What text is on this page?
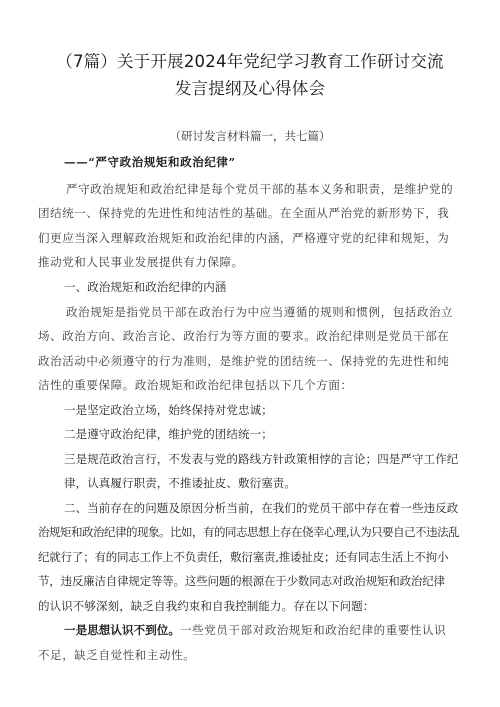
（7篇）关于开展2024年党纪学习教育工作研讨交流
发言提纲及心得体会
（研讨发言材料篇一，共七篇）
——“严守政治规矩和政治纪律”
严守政治规矩和政治纪律是每个党员干部的基本义务和职责，是维护党的
团结统一、保持党的先进性和纯洁性的基础。在全面从严治党的新形势下，我
们更应当深入理解政治规矩和政治纪律的内涵，严格遵守党的纪律和规矩，为
推动党和人民事业发展提供有力保障。
一、政治规矩和政治纪律的内涵
政治规矩是指党员干部在政治行为中应当遵循的规则和惯例，包括政治立
场、政治方向、政治言论、政治行为等方面的要求。政治纪律则是党员干部在
政治活动中必须遵守的行为准则，是维护党的团结统一、保持党的先进性和纯
洁性的重要保障。政治规矩和政治纪律包括以下几个方面：
一是坚定政治立场，始终保持对党忠诚；
二是遵守政治纪律，维护党的团结统一；
三是规范政治言行，不发表与党的路线方针政策相悖的言论；四是严守工作纪
律，认真履行职责，不推诿扯皮、敷衍塞责。
二、当前存在的问题及原因分析当前，在我们的党员干部中存在着一些违反政
治规矩和政治纪律的现象。比如，有的同志思想上存在侥幸心理,认为只要自己不违法乱
纪就行了；有的同志工作上不负责任，敷衍塞责,推诿扯皮；还有同志生活上不拘小
节，违反廉洁自律规定等等。这些问题的根源在于少数同志对政治规矩和政治纪律
的认识不够深刻，缺乏自我约束和自我控制能力。存在以下问题：
一是思想认识不到位。一些党员干部对政治规矩和政治纪律的重要性认识
不足，缺乏自觉性和主动性。
